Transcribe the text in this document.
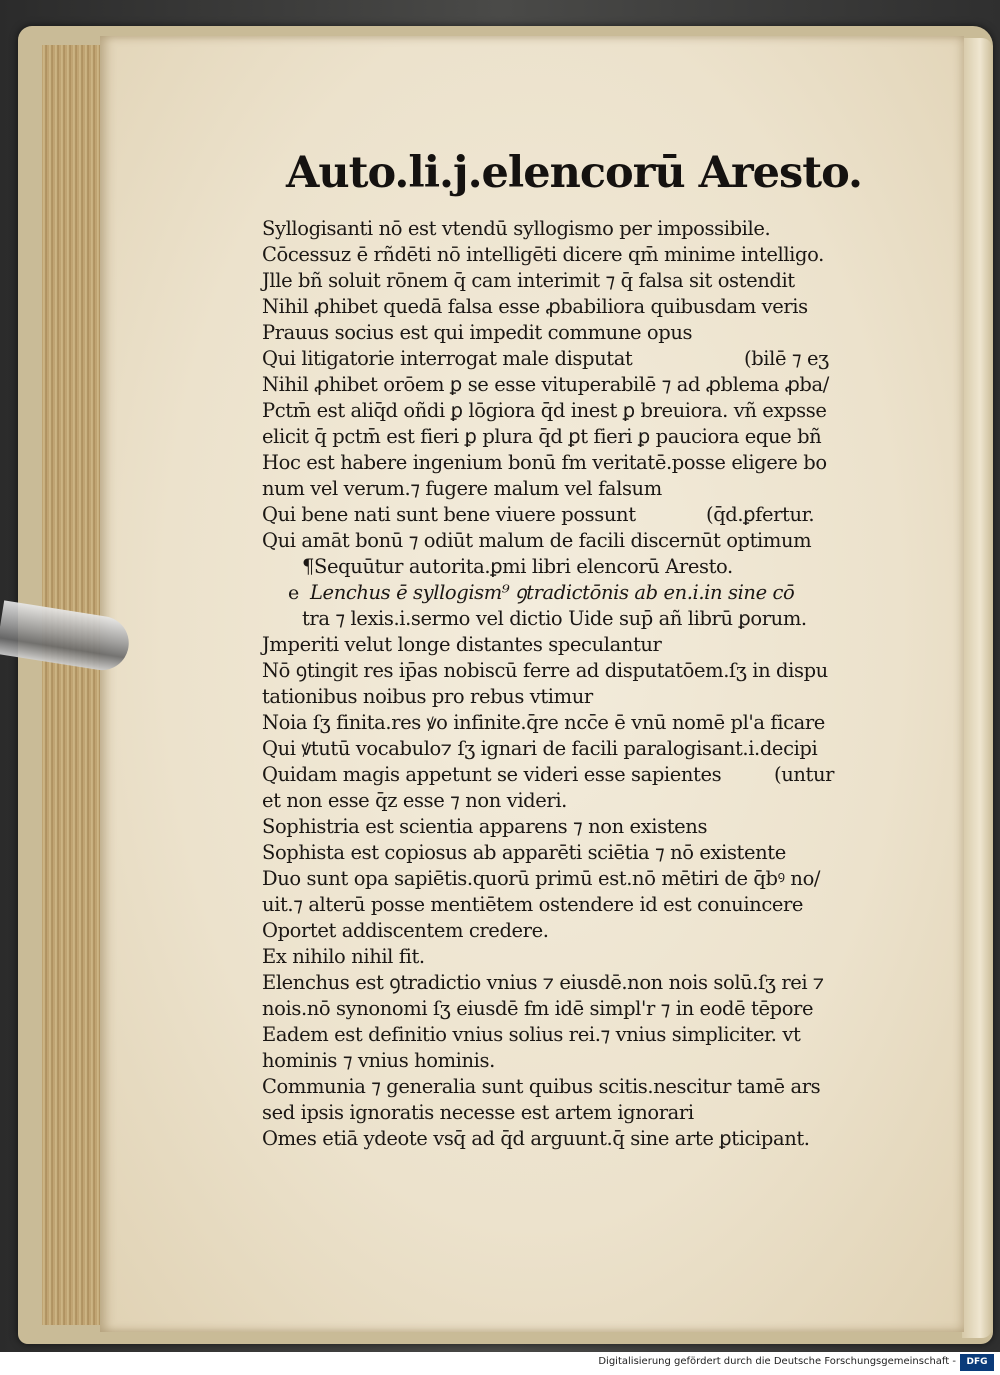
Auto.li.j.elencorū Aresto.
e
Syllogisanti nō est vtendū syllogismo per impossibile.
Cōcessuz ē rñdēti nō intelligēti dicere qm̄ minime intelligo.
Jlle bñ soluit rōnem q̄ cam interimit ⁊ q̄ falsa sit ostendit
Nihil ꝓhibet quedā falsa esse ꝓbabiliora quibusdam veris
Prauus socius est qui impedit commune opus
Qui litigatorie interrogat male disputat	(bilē ⁊ eʒ
Nihil ꝓhibet orōem ꝑ se esse vituperabilē ⁊ ad ꝓblema ꝓba/
Pctm̄ est aliq̄d oñdi ꝑ lōgiora q̄d inest ꝑ breuiora. vñ expsse
elicit q̄ pctm̄ est fieri ꝑ plura q̄d ꝑt fieri ꝑ pauciora eque bñ
Hoc est habere ingenium bonū fm veritatē.posse eligere bo
num vel verum.⁊ fugere malum vel falsum
Qui bene nati sunt bene viuere possunt	(q̄d.ꝑfertur.
Qui amāt bonū ⁊ odiūt malum de facili discernūt optimum
¶Sequūtur autorita.ꝑmi libri elencorū Aresto.
Lenchus ē syllogism⁹ ꝯtradictōnis ab en.i.in sine cō
tra ⁊ lexis.i.sermo vel dictio Uide sup̄ añ librū ꝑorum.
Jmperiti velut longe distantes speculantur
Nō ꝯtingit res ip̄as nobiscū ferre ad disputatōem.ſʒ in dispu
tationibus noibus pro rebus vtimur
Noia ſʒ finita.res ꝟo infinite.q̄re ncc̄e ē vnū nomē pl'a ficare
Qui ꝟtutū vocabulo⁊ ſʒ ignari de facili paralogisant.i.decipi
Quidam magis appetunt se videri esse sapientes	(untur
et non esse q̄z esse ⁊ non videri.
Sophistria est scientia apparens ⁊ non existens
Sophista est copiosus ab apparēti sciētia ⁊ nō existente
Duo sunt opa sapiētis.quorū primū est.nō mētiri de q̄bꝰ no/
uit.⁊ alterū posse mentiētem ostendere id est conuincere
Oportet addiscentem credere.
Ex nihilo nihil fit.
Elenchus est ꝯtradictio vnius ⁊ eiusdē.non nois solū.ſʒ rei ⁊
nois.nō synonomi ſʒ eiusdē fm idē simpl'r ⁊ in eodē tēpore
Eadem est definitio vnius solius rei.⁊ vnius simpliciter. vt
hominis ⁊ vnius hominis.
Communia ⁊ generalia sunt quibus scitis.nescitur tamē ars
sed ipsis ignoratis necesse est artem ignorari
Omes etiā ydeote vsq̄ ad q̄d arguunt.q̄ sine arte ꝑticipant.
Digitalisierung gefördert durch die Deutsche Forschungsgemeinschaft -	DFG
